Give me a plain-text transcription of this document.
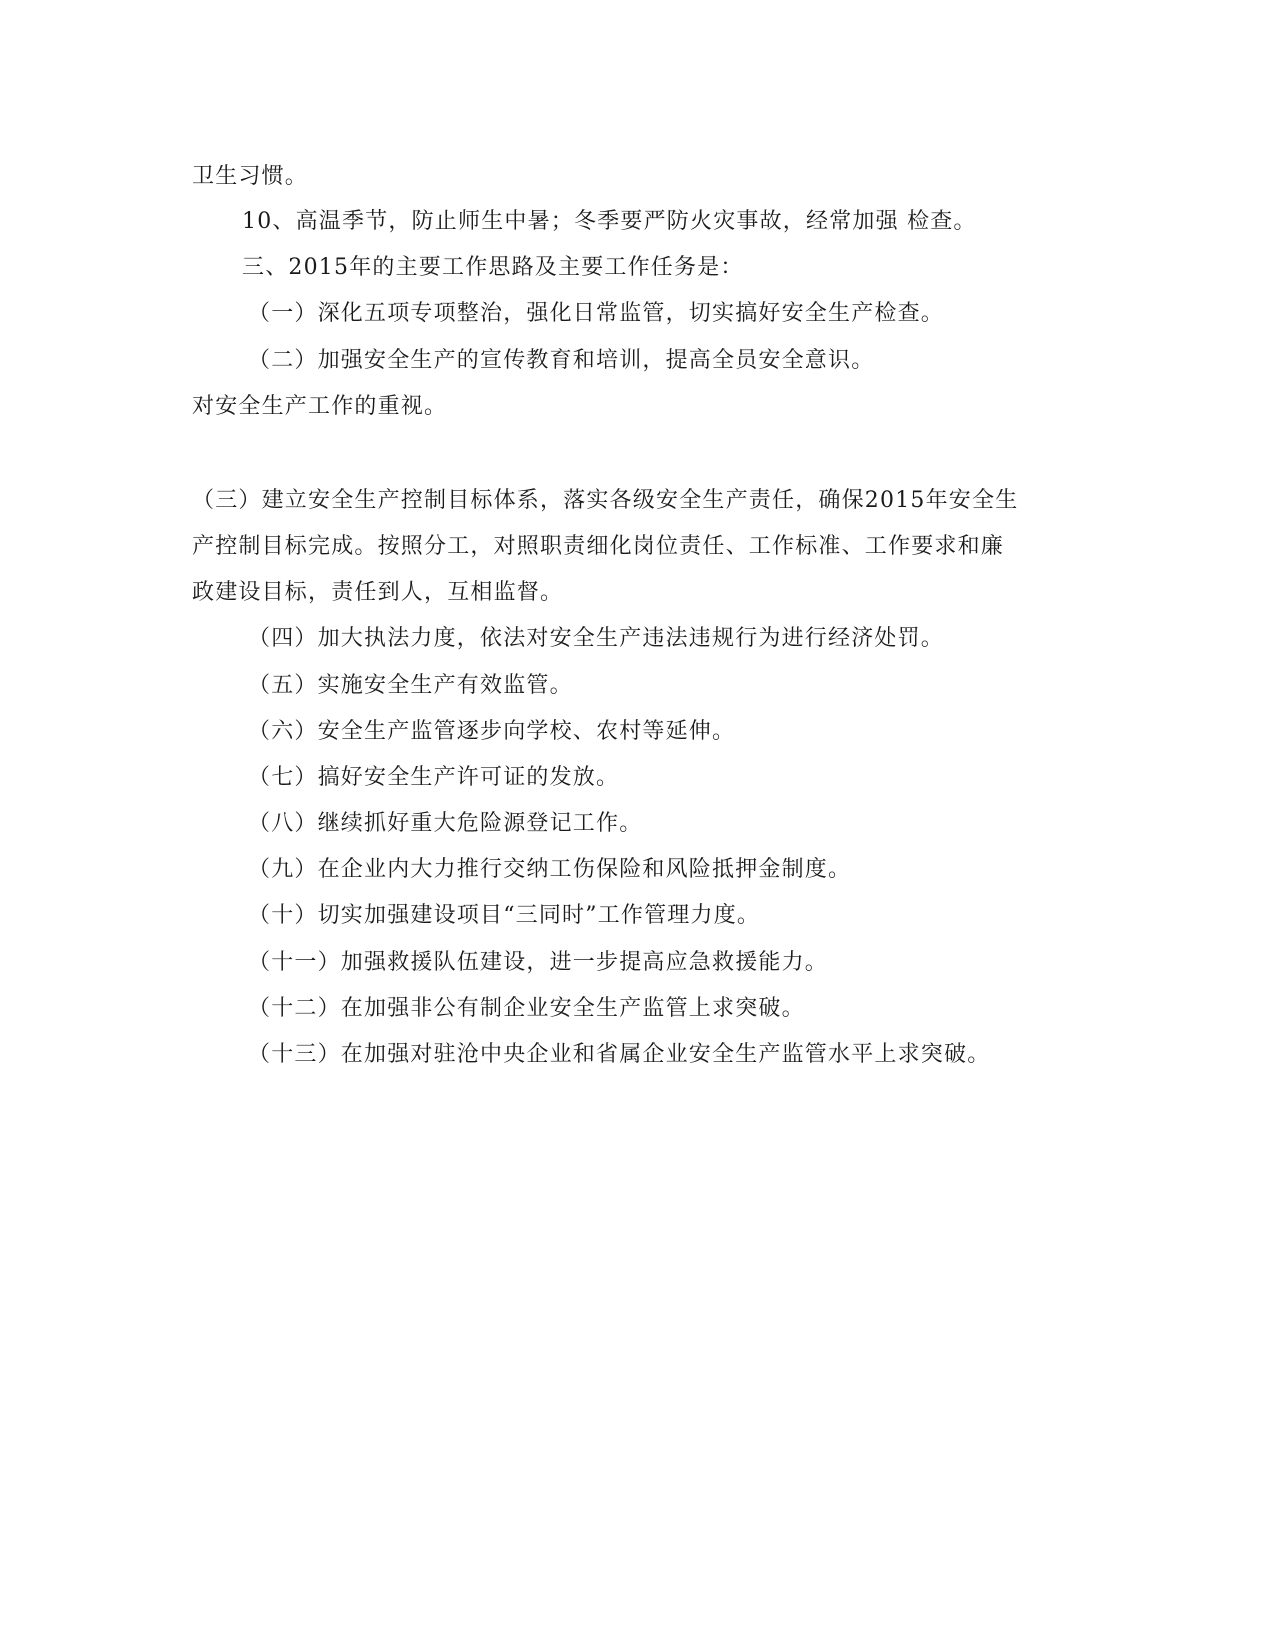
卫生习惯。
10、高温季节，防止师生中暑；冬季要严防火灾事故，经常加强 检查。
三、2015年的主要工作思路及主要工作任务是：
（一）深化五项专项整治，强化日常监管，切实搞好安全生产检查。
（二）加强安全生产的宣传教育和培训，提高全员安全意识。
对安全生产工作的重视。
（三）建立安全生产控制目标体系，落实各级安全生产责任，确保2015年安全生
产控制目标完成。按照分工，对照职责细化岗位责任、工作标准、工作要求和廉
政建设目标，责任到人，互相监督。
（四）加大执法力度，依法对安全生产违法违规行为进行经济处罚。
（五）实施安全生产有效监管。
（六）安全生产监管逐步向学校、农村等延伸。
（七）搞好安全生产许可证的发放。
（八）继续抓好重大危险源登记工作。
（九）在企业内大力推行交纳工伤保险和风险抵押金制度。
（十）切实加强建设项目“三同时”工作管理力度。
（十一）加强救援队伍建设，进一步提高应急救援能力。
（十二）在加强非公有制企业安全生产监管上求突破。
（十三）在加强对驻沧中央企业和省属企业安全生产监管水平上求突破。
